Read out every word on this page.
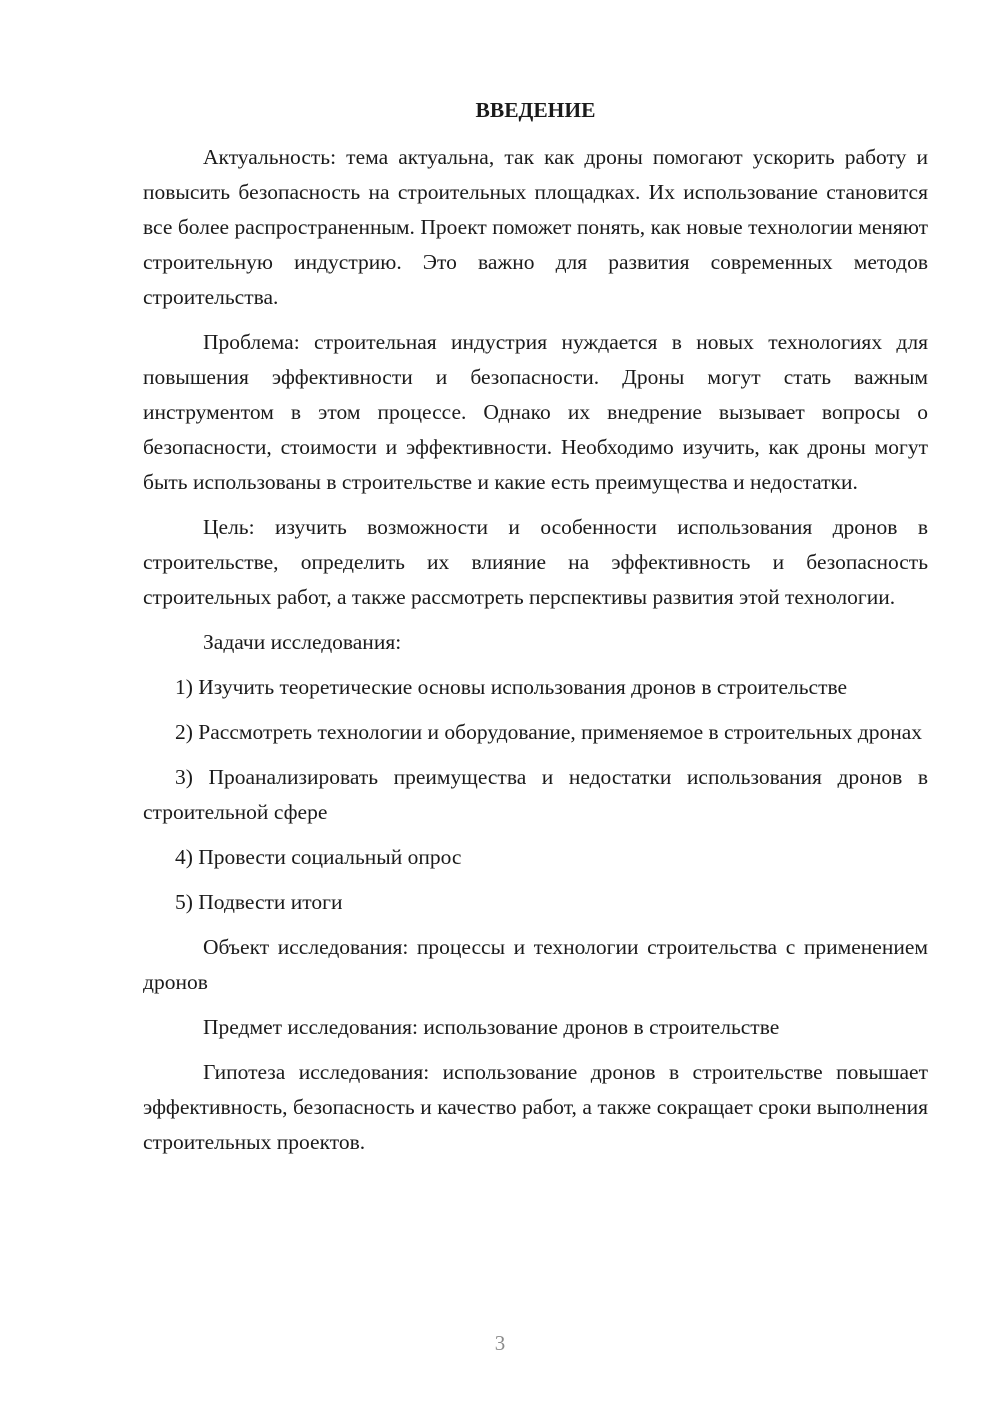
ВВЕДЕНИЕ

Актуальность: тема актуальна, так как дроны помогают ускорить работу и повысить безопасность на строительных площадках. Их использование становится все более распространенным. Проект поможет понять, как новые технологии меняют строительную индустрию. Это важно для развития современных методов строительства.

Проблема: строительная индустрия нуждается в новых технологиях для повышения эффективности и безопасности. Дроны могут стать важным инструментом в этом процессе. Однако их внедрение вызывает вопросы о безопасности, стоимости и эффективности. Необходимо изучить, как дроны могут быть использованы в строительстве и какие есть преимущества и недостатки.

Цель: изучить возможности и особенности использования дронов в строительстве, определить их влияние на эффективность и безопасность строительных работ, а также рассмотреть перспективы развития этой технологии.

Задачи исследования:

1) Изучить теоретические основы использования дронов в строительстве

2) Рассмотреть технологии и оборудование, применяемое в строительных дронах

3) Проанализировать преимущества и недостатки использования дронов в строительной сфере

4) Провести социальный опрос

5) Подвести итоги

Объект исследования: процессы и технологии строительства с применением дронов

Предмет исследования: использование дронов в строительстве

Гипотеза исследования: использование дронов в строительстве повышает эффективность, безопасность и качество работ, а также сокращает сроки выполнения строительных проектов.

3
